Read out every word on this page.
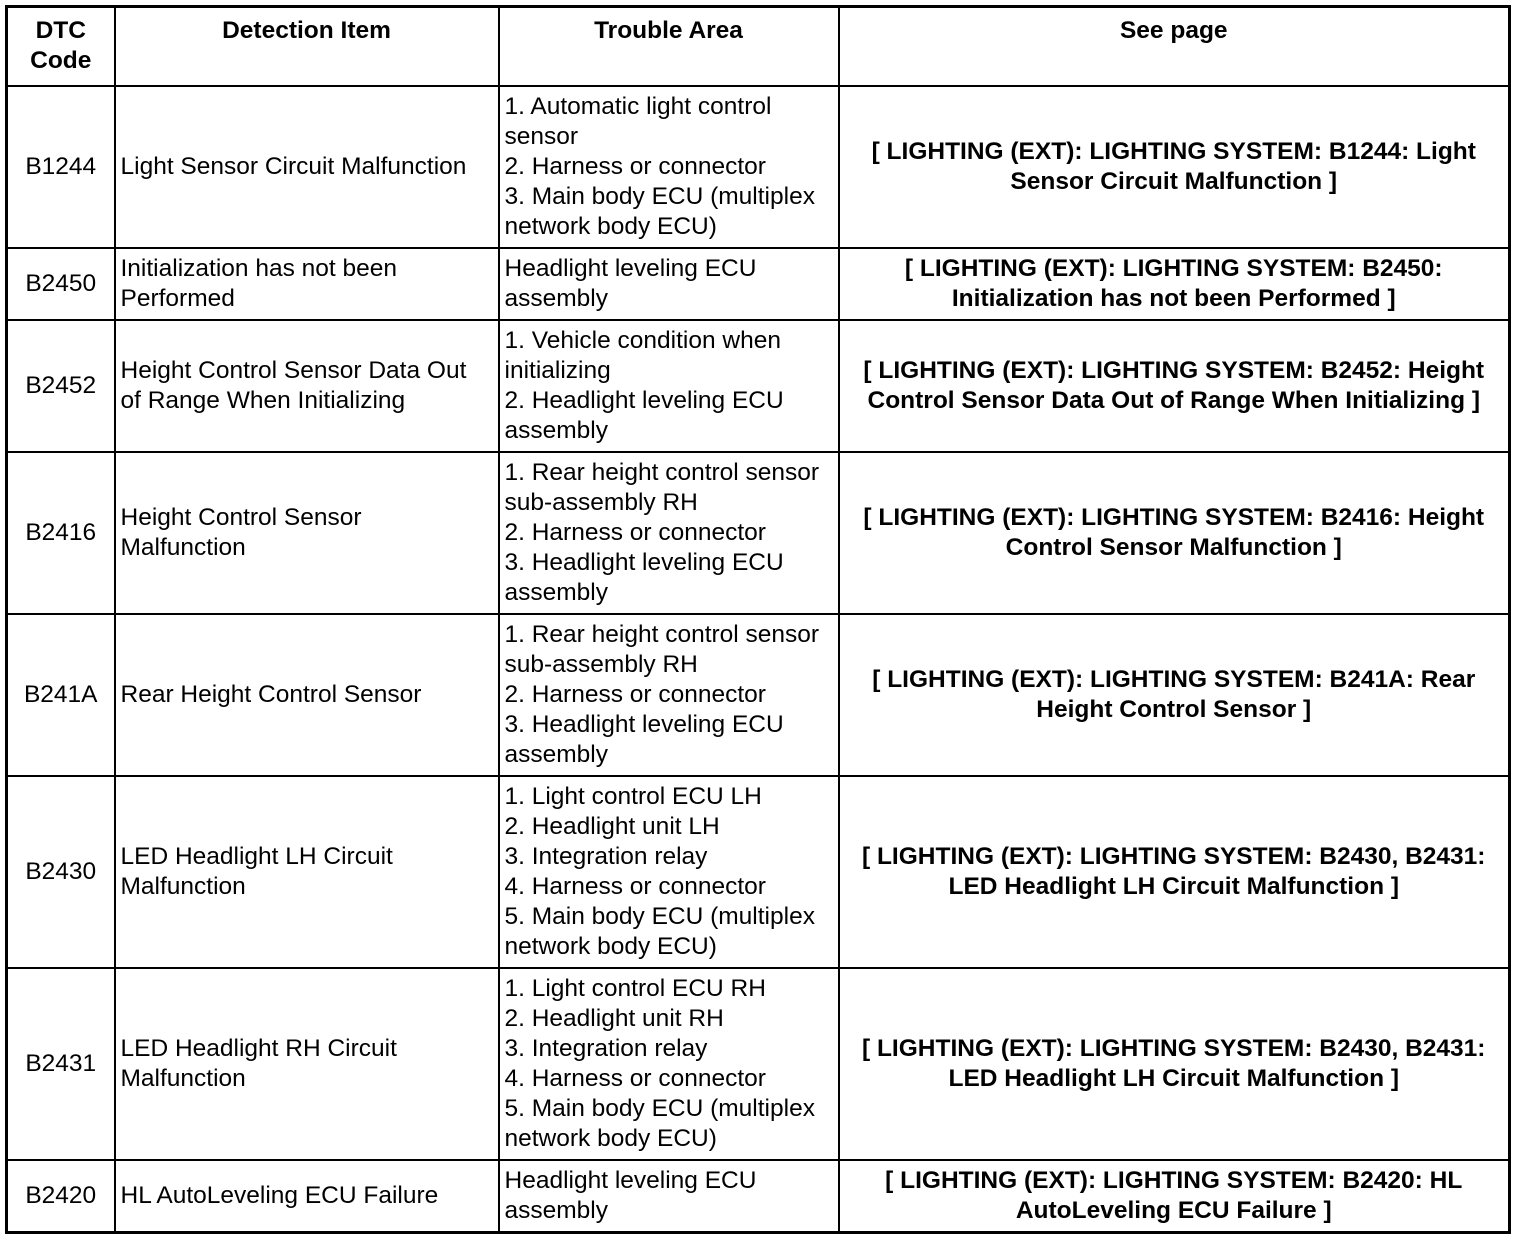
DTC Code	Detection Item	Trouble Area	See page
B1244	Light Sensor Circuit Malfunction	1. Automatic light control sensor
2. Harness or connector
3. Main body ECU (multiplex network body ECU)	[ LIGHTING (EXT): LIGHTING SYSTEM: B1244: Light Sensor Circuit Malfunction ]
B2450	Initialization has not been Performed	Headlight leveling ECU assembly	[ LIGHTING (EXT): LIGHTING SYSTEM: B2450: Initialization has not been Performed ]
B2452	Height Control Sensor Data Out of Range When Initializing	1. Vehicle condition when initializing
2. Headlight leveling ECU assembly	[ LIGHTING (EXT): LIGHTING SYSTEM: B2452: Height Control Sensor Data Out of Range When Initializing ]
B2416	Height Control Sensor Malfunction	1. Rear height control sensor sub-assembly RH
2. Harness or connector
3. Headlight leveling ECU assembly	[ LIGHTING (EXT): LIGHTING SYSTEM: B2416: Height Control Sensor Malfunction ]
B241A	Rear Height Control Sensor	1. Rear height control sensor sub-assembly RH
2. Harness or connector
3. Headlight leveling ECU assembly	[ LIGHTING (EXT): LIGHTING SYSTEM: B241A: Rear Height Control Sensor ]
B2430	LED Headlight LH Circuit Malfunction	1. Light control ECU LH
2. Headlight unit LH
3. Integration relay
4. Harness or connector
5. Main body ECU (multiplex network body ECU)	[ LIGHTING (EXT): LIGHTING SYSTEM: B2430, B2431: LED Headlight LH Circuit Malfunction ]
B2431	LED Headlight RH Circuit Malfunction	1. Light control ECU RH
2. Headlight unit RH
3. Integration relay
4. Harness or connector
5. Main body ECU (multiplex network body ECU)	[ LIGHTING (EXT): LIGHTING SYSTEM: B2430, B2431: LED Headlight LH Circuit Malfunction ]
B2420	HL AutoLeveling ECU Failure	Headlight leveling ECU assembly	[ LIGHTING (EXT): LIGHTING SYSTEM: B2420: HL AutoLeveling ECU Failure ]
